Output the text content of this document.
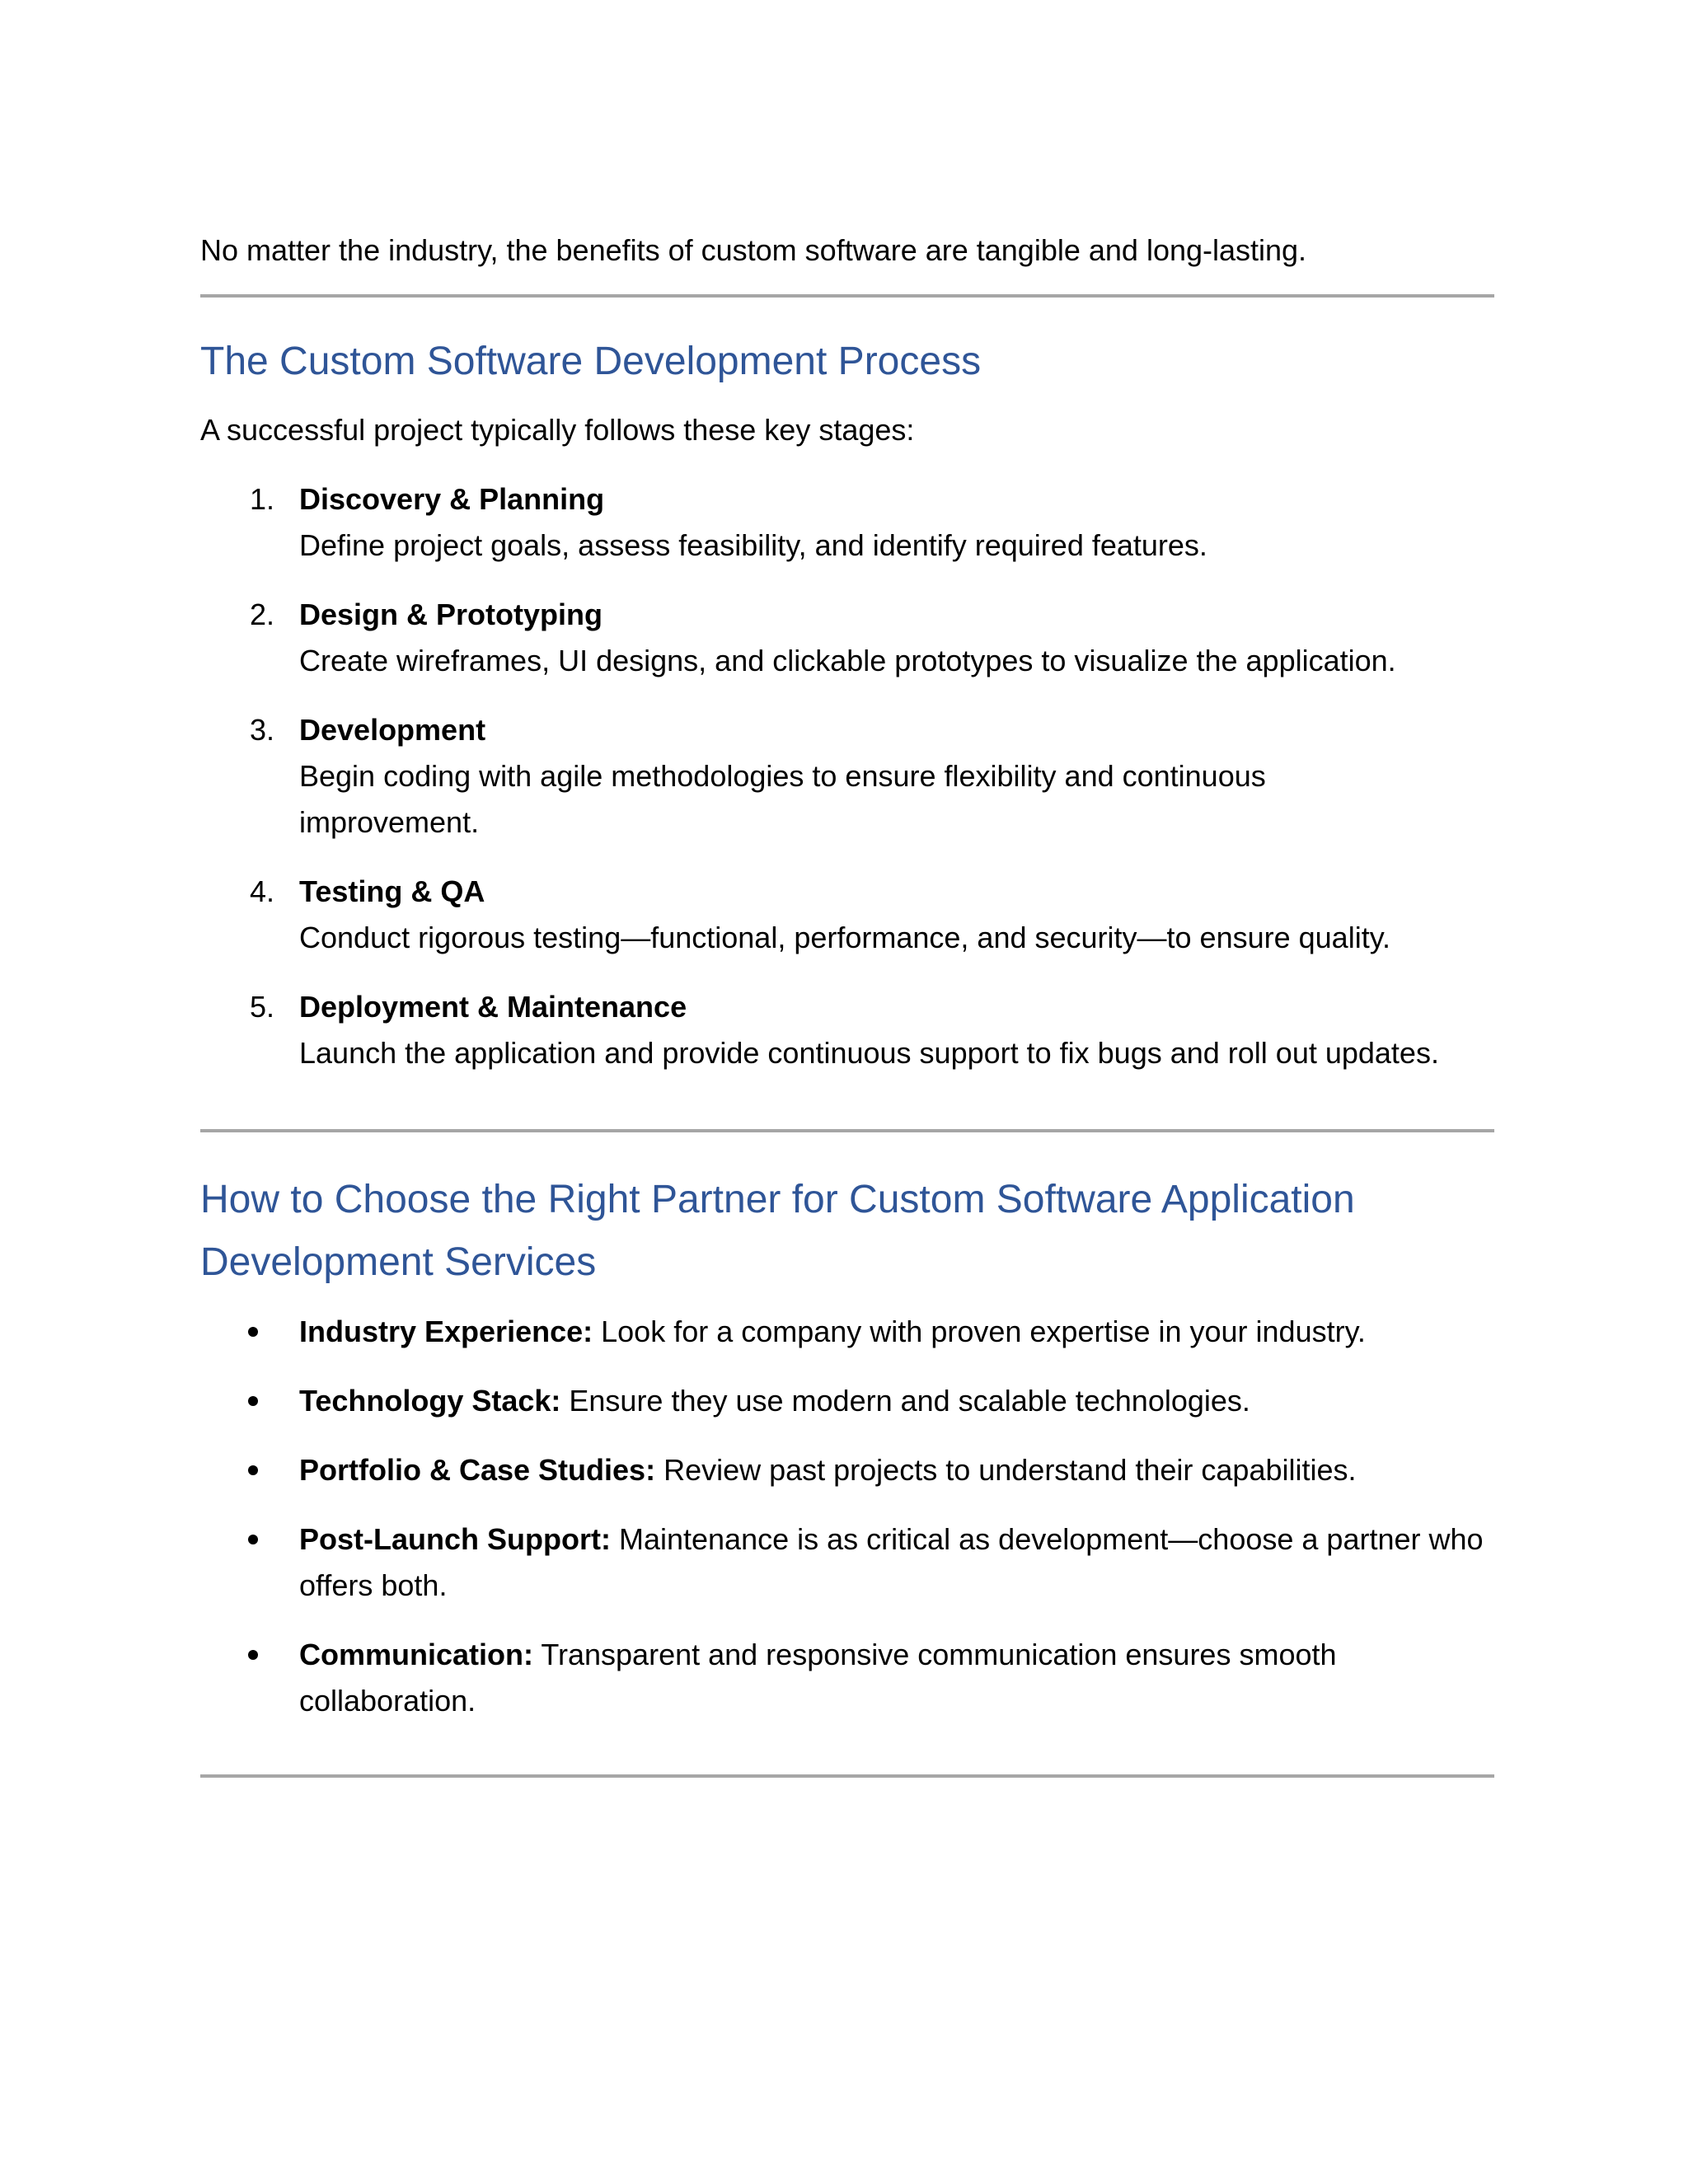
No matter the industry, the benefits of custom software are tangible and long-lasting.

The Custom Software Development Process

A successful project typically follows these key stages:

1. Discovery & Planning
Define project goals, assess feasibility, and identify required features.
2. Design & Prototyping
Create wireframes, UI designs, and clickable prototypes to visualize the application.
3. Development
Begin coding with agile methodologies to ensure flexibility and continuous improvement.
4. Testing & QA
Conduct rigorous testing—functional, performance, and security—to ensure quality.
5. Deployment & Maintenance
Launch the application and provide continuous support to fix bugs and roll out updates.
How to Choose the Right Partner for Custom Software Application Development Services
Industry Experience: Look for a company with proven expertise in your industry.
Technology Stack: Ensure they use modern and scalable technologies.
Portfolio & Case Studies: Review past projects to understand their capabilities.
Post-Launch Support: Maintenance is as critical as development—choose a partner who offers both.
Communication: Transparent and responsive communication ensures smooth collaboration.
